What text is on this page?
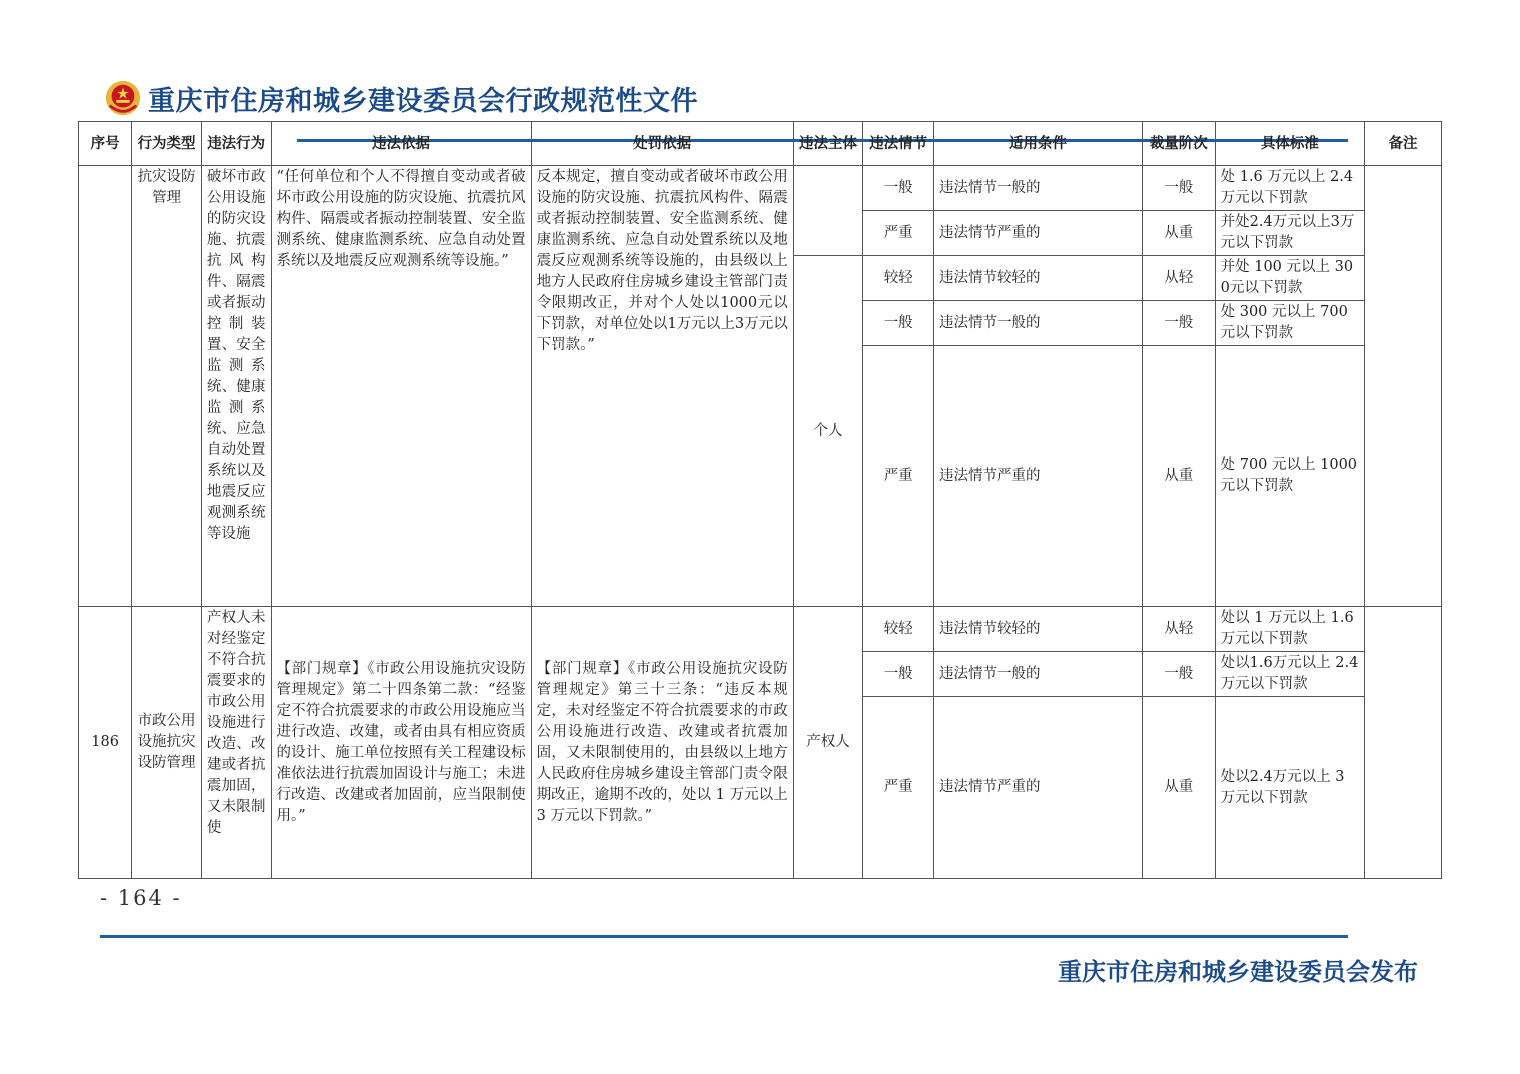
重庆市住房和城乡建设委员会行政规范性文件
序号	行为类型	违法行为	违法依据	处罚依据	违法主体	违法情节	适用条件	裁量阶次	具体标准	备注
	抗灾设防管理	破坏市政公用设施的防灾设施、抗震抗风构件、隔震或者振动控制装置、安全监测系统、健康监测系统、应急自动处置系统以及地震反应观测系统等设施	“任何单位和个人不得擅自变动或者破坏市政公用设施的防灾设施、抗震抗风构件、隔震或者振动控制装置、安全监测系统、健康监测系统、应急自动处置系统以及地震反应观测系统等设施。”	反本规定，擅自变动或者破坏市政公用设施的防灾设施、抗震抗风构件、隔震或者振动控制装置、安全监测系统、健康监测系统、应急自动处置系统以及地震反应观测系统等设施的，由县级以上地方人民政府住房城乡建设主管部门责令限期改正，并对个人处以1000元以下罚款，对单位处以1万元以上3万元以下罚款。”		一般	违法情节一般的	一般	处 1.6 万元以上 2.4 万元以下罚款	
						严重	违法情节严重的	从重	并处2.4万元以上3万元以下罚款	
					个人	较轻	违法情节较轻的	从轻	并处 100 元以上 300元以下罚款	
						一般	违法情节一般的	一般	处 300 元以上 700 元以下罚款	
						严重	违法情节严重的	从重	处 700 元以上 1000 元以下罚款	
186	市政公用设施抗灾设防管理	产权人未对经鉴定不符合抗震要求的市政公用设施进行改造、改建或者抗震加固，又未限制使	【部门规章】《市政公用设施抗灾设防管理规定》第二十四条第二款：“经鉴定不符合抗震要求的市政公用设施应当进行改造、改建，或者由具有相应资质的设计、施工单位按照有关工程建设标准依法进行抗震加固设计与施工；未进行改造、改建或者加固前，应当限制使用。”	【部门规章】《市政公用设施抗灾设防管理规定》第三十三条：“违反本规定，未对经鉴定不符合抗震要求的市政公用设施进行改造、改建或者抗震加固，又未限制使用的，由县级以上地方人民政府住房城乡建设主管部门责令限期改正，逾期不改的，处以 1 万元以上 3 万元以下罚款。”	产权人	较轻	违法情节较轻的	从轻	处以 1 万元以上 1.6 万元以下罚款	
						一般	违法情节一般的	一般	处以1.6万元以上 2.4 万元以下罚款	
						严重	违法情节严重的	从重	处以2.4万元以上 3 万元以下罚款	
- 164 -
重庆市住房和城乡建设委员会发布
